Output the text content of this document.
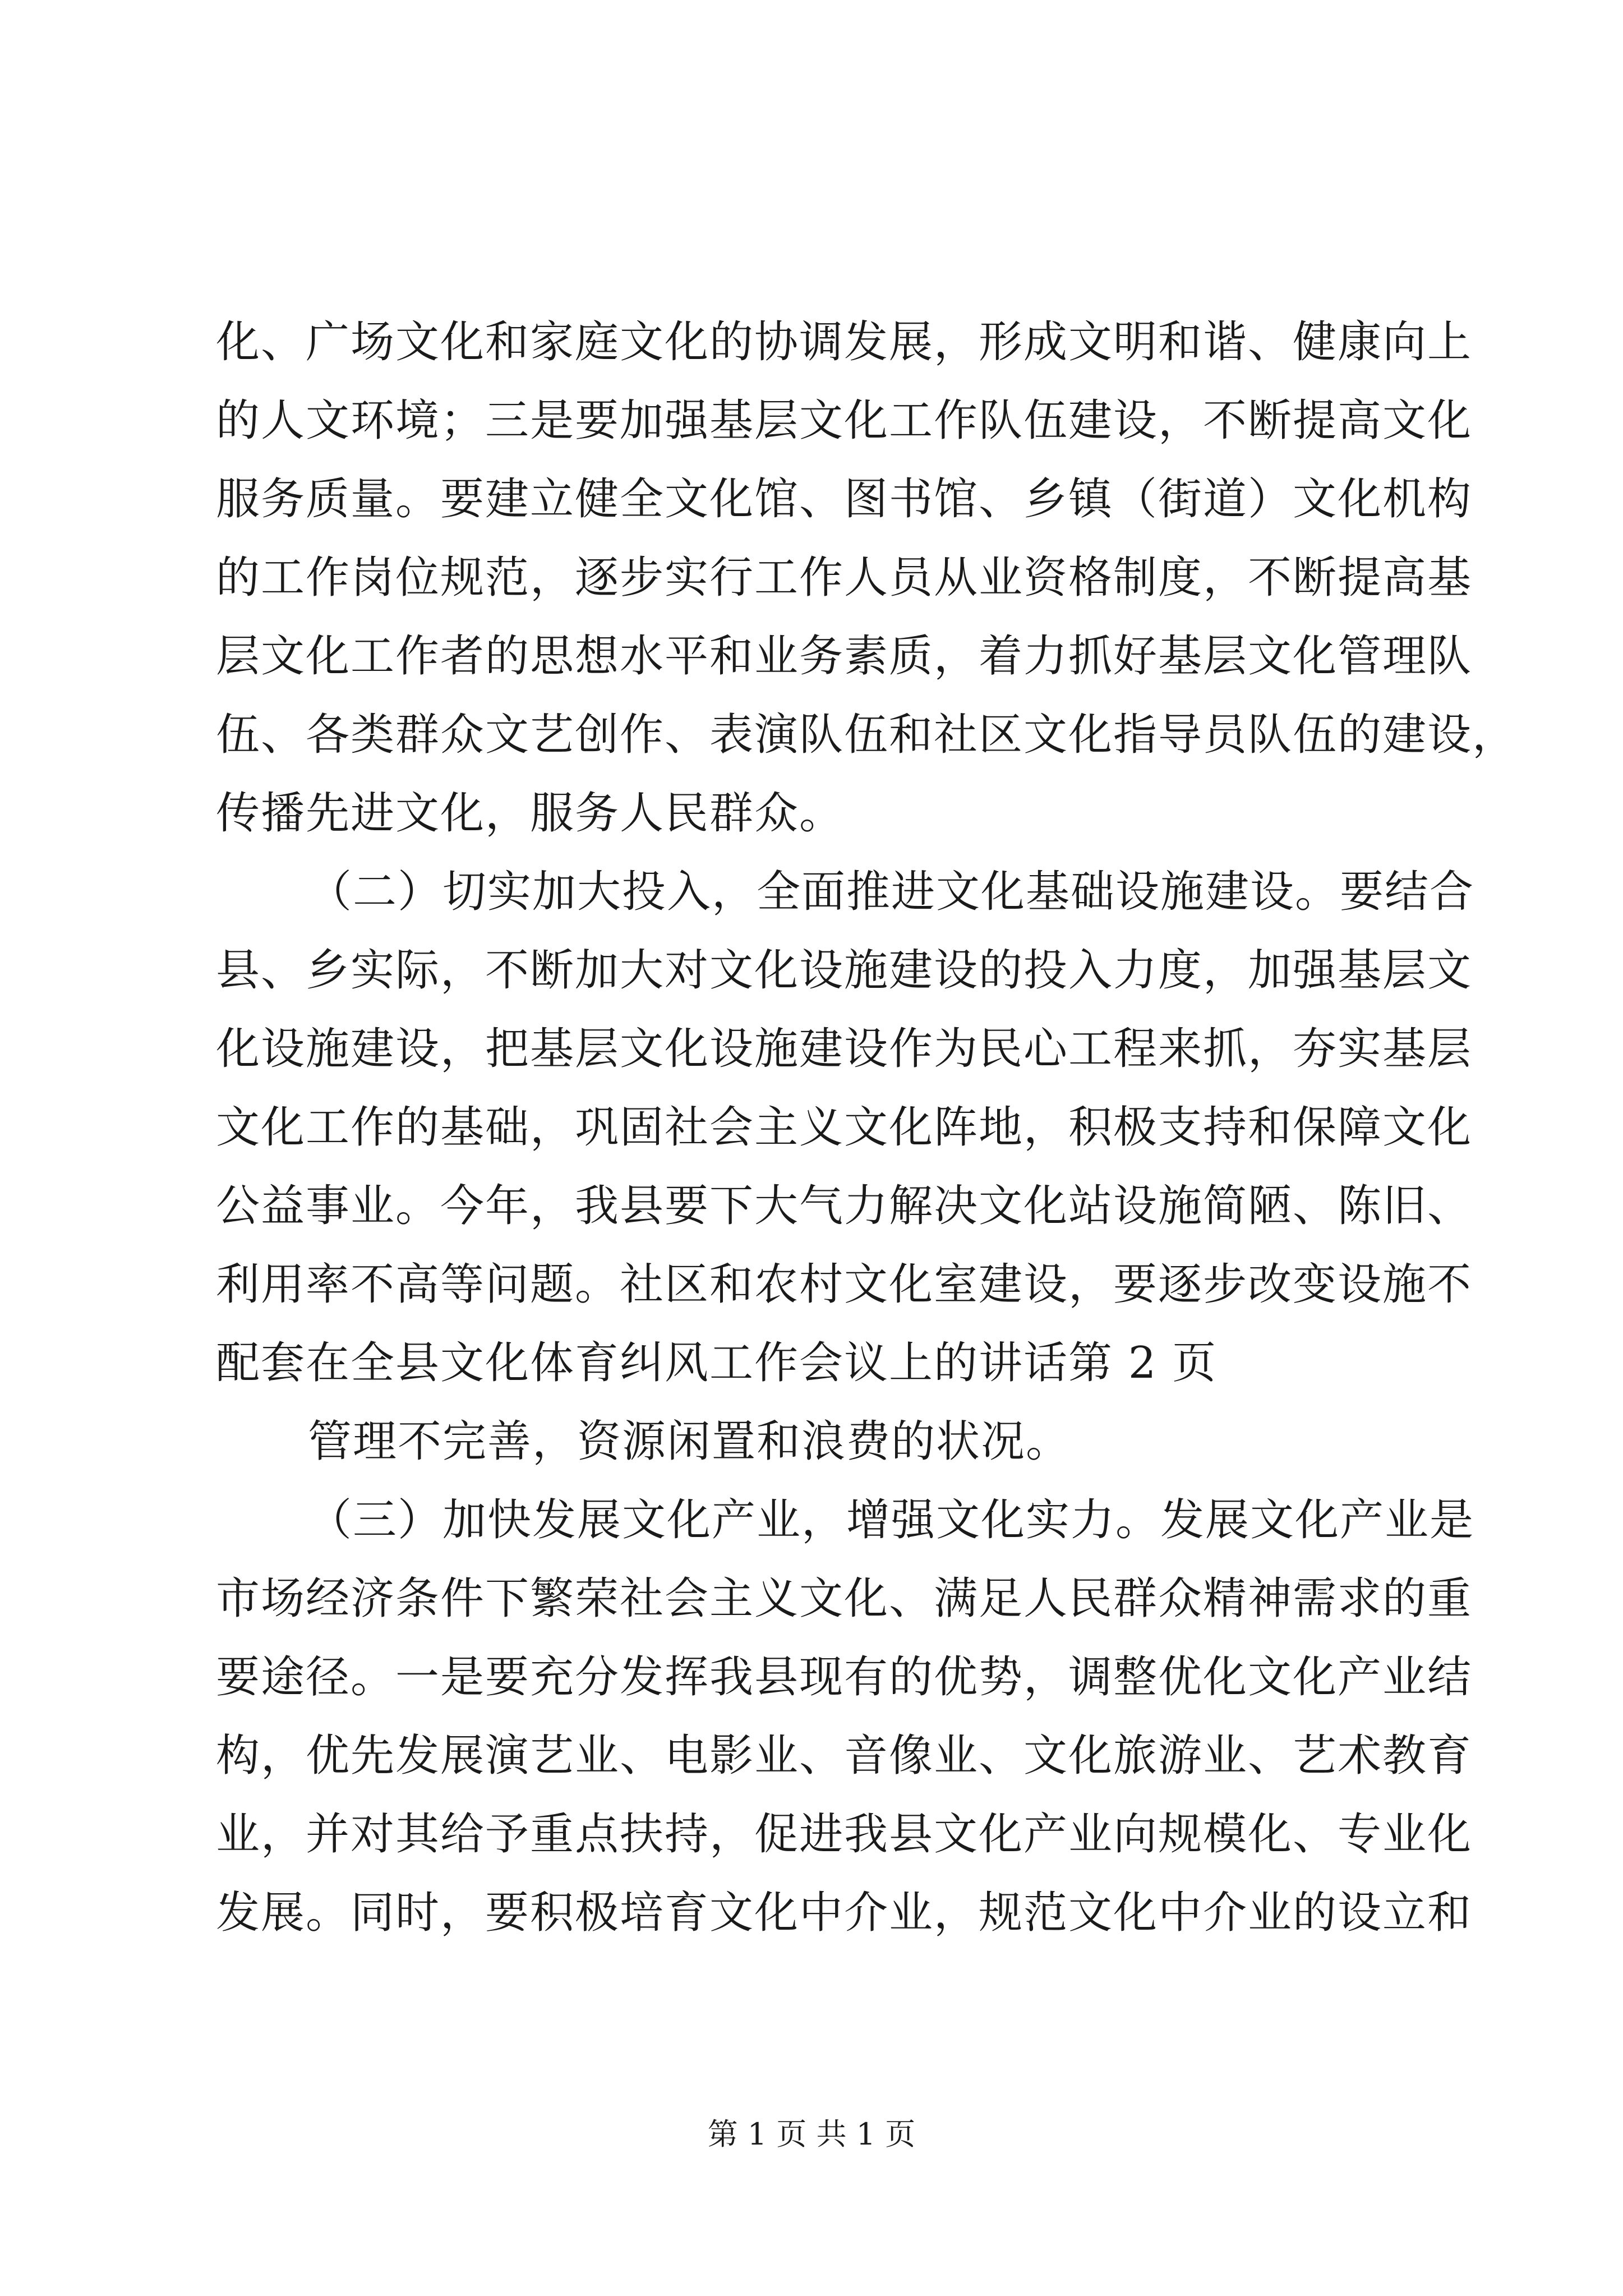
化、广场文化和家庭文化的协调发展，形成文明和谐、健康向上
的人文环境；三是要加强基层文化工作队伍建设，不断提高文化
服务质量。要建立健全文化馆、图书馆、乡镇（街道）文化机构
的工作岗位规范，逐步实行工作人员从业资格制度，不断提高基
层文化工作者的思想水平和业务素质，着力抓好基层文化管理队
伍、各类群众文艺创作、表演队伍和社区文化指导员队伍的建设，
传播先进文化，服务人民群众。
（二）切实加大投入，全面推进文化基础设施建设。要结合
县、乡实际，不断加大对文化设施建设的投入力度，加强基层文
化设施建设，把基层文化设施建设作为民心工程来抓，夯实基层
文化工作的基础，巩固社会主义文化阵地，积极支持和保障文化
公益事业。今年，我县要下大气力解决文化站设施简陋、陈旧、
利用率不高等问题。社区和农村文化室建设，要逐步改变设施不
配套在全县文化体育纠风工作会议上的讲话第 2 页
管理不完善，资源闲置和浪费的状况。
（三）加快发展文化产业，增强文化实力。发展文化产业是
市场经济条件下繁荣社会主义文化、满足人民群众精神需求的重
要途径。一是要充分发挥我县现有的优势，调整优化文化产业结
构，优先发展演艺业、电影业、音像业、文化旅游业、艺术教育
业，并对其给予重点扶持，促进我县文化产业向规模化、专业化
发展。同时，要积极培育文化中介业，规范文化中介业的设立和
第 1 页 共 1 页
